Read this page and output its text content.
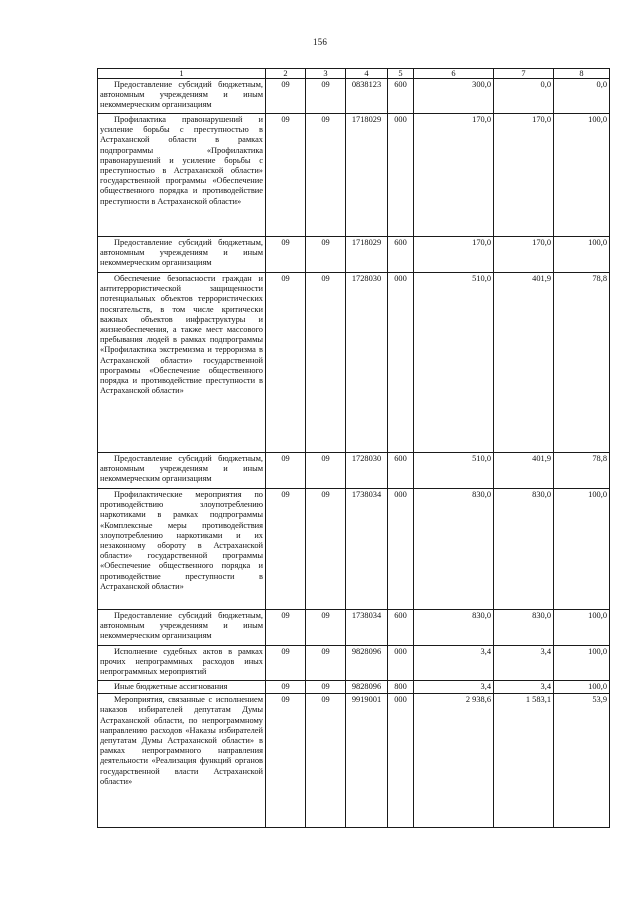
156
1	2	3	4	5	6	7	8
Предоставление субсидий бюджетным, автономным учреждениям и иным некоммерческим организациям	09	09	0838123	600	300,0	0,0	0,0
Профилактика правонарушений и усиление борьбы с преступностью в Астраханской области в рамках подпрограммы «Профилактика правонарушений и усиление борьбы с преступностью в Астраханской области» государственной программы «Обеспечение общественного порядка и противодействие преступности в Астраханской области»	09	09	1718029	000	170,0	170,0	100,0
Предоставление субсидий бюджетным, автономным учреждениям и иным некоммерческим организациям	09	09	1718029	600	170,0	170,0	100,0
Обеспечение безопасности граждан и антитеррористической защищенности потенциальных объектов террористических посягательств, в том числе критически важных объектов инфраструктуры и жизнеобеспечения, а также мест массового пребывания людей в рамках подпрограммы «Профилактика экстремизма и терроризма в Астраханской области» государственной программы «Обеспечение общественного порядка и противодействие преступности в Астраханской области»	09	09	1728030	000	510,0	401,9	78,8
Предоставление субсидий бюджетным, автономным учреждениям и иным некоммерческим организациям	09	09	1728030	600	510,0	401,9	78,8
Профилактические мероприятия по противодействию злоупотреблению наркотиками в рамках подпрограммы «Комплексные меры противодействия злоупотреблению наркотиками и их незаконному обороту в Астраханской области» государственной программы «Обеспечение общественного порядка и противодействие преступности в Астраханской области»	09	09	1738034	000	830,0	830,0	100,0
Предоставление субсидий бюджетным, автономным учреждениям и иным некоммерческим организациям	09	09	1738034	600	830,0	830,0	100,0
Исполнение судебных актов в рамках прочих непрограммных расходов иных непрограммных мероприятий	09	09	9828096	000	3,4	3,4	100,0
Иные бюджетные ассигнования	09	09	9828096	800	3,4	3,4	100,0
Мероприятия, связанные с исполнением наказов избирателей депутатам Думы Астраханской области, по непрограммному направлению расходов «Наказы избирателей депутатам Думы Астраханской области» в рамках непрограммного направления деятельности «Реализация функций органов государственной власти Астраханской области»	09	09	9919001	000	2 938,6	1 583,1	53,9
